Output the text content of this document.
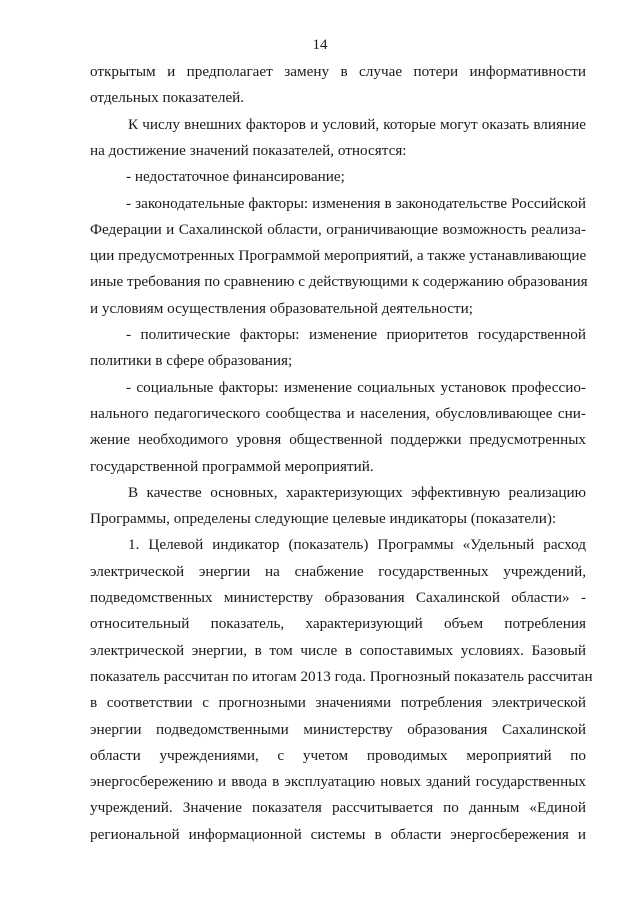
14
открытым и предполагает замену в случае потери информативности
отдельных показателей.
К числу внешних факторов и условий, которые могут оказать влияние
на достижение значений показателей, относятся:
- недостаточное финансирование;
- законодательные факторы: изменения в законодательстве Российской
Федерации и Сахалинской области, ограничивающие возможность реализа-
ции предусмотренных Программой мероприятий, а также устанавливающие
иные требования по сравнению с действующими к содержанию образования
и условиям осуществления образовательной деятельности;
- политические факторы: изменение приоритетов государственной
политики в сфере образования;
- социальные факторы: изменение социальных установок профессио-
нального педагогического сообщества и населения, обусловливающее сни-
жение необходимого уровня общественной поддержки предусмотренных
государственной программой мероприятий.
В качестве основных, характеризующих эффективную реализацию
Программы, определены следующие целевые индикаторы (показатели):
1. Целевой индикатор (показатель) Программы «Удельный расход
электрической энергии на снабжение государственных учреждений,
подведомственных министерству образования Сахалинской области» -
относительный показатель, характеризующий объем потребления
электрической энергии, в том числе в сопоставимых условиях. Базовый
показатель рассчитан по итогам 2013 года. Прогнозный показатель рассчитан
в соответствии с прогнозными значениями потребления электрической
энергии подведомственными министерству образования Сахалинской
области учреждениями, с учетом проводимых мероприятий по
энергосбережению и ввода в эксплуатацию новых зданий государственных
учреждений. Значение показателя рассчитывается по данным «Единой
региональной информационной системы в области энергосбережения и
